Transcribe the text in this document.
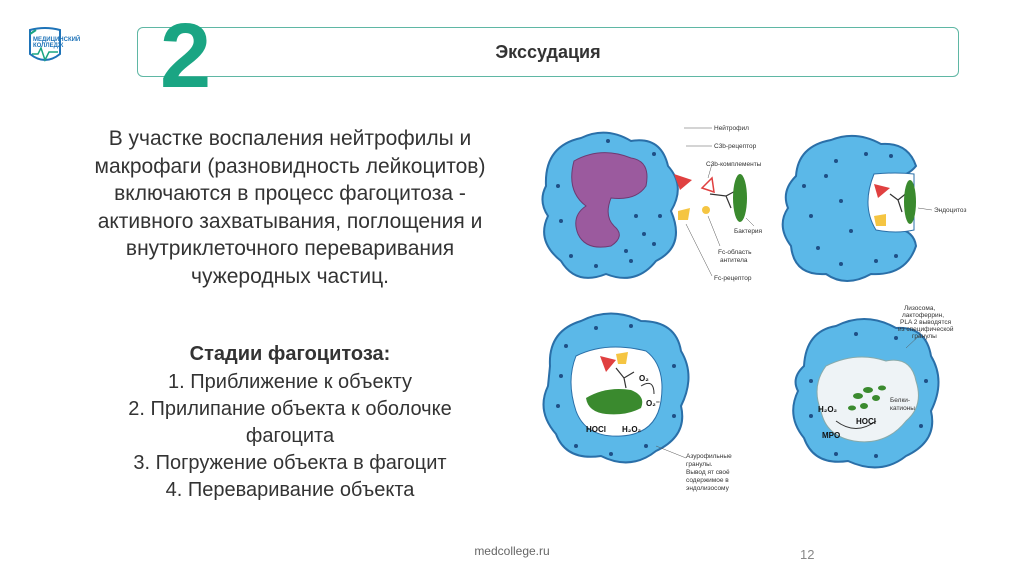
МЕДИЦИНСКИЙ
КОЛЛЕДЖ	Экссудация
2
В участке воспаления нейтрофилы и
макрофаги (разновидность лейкоцитов)
включаются в процесс фагоцитоза -
активного захватывания, поглощения и
внутриклеточного переваривания
чужеродных частиц.
Стадии фагоцитоза:
1. Приближение к объекту
2. Прилипание объекта к оболочке
фагоцита
3. Погружение объекта в фагоцит
4. Переваривание объекта
Нейтрофил
C3b-рецептор
C3b-комплементы
Бактерия
Fc-область
антитела
Fc-рецептор
Эндоцитоз
O₂
O₂⁻
HOCl H₂O₂
Азурофильные
гранулы.
Вывод ят своё
содержимое в
эндолизосому
H₂O₂
MPO
HOCl
Белки-
катионы
Лизосома,
лактоферрин,
PLA 2 выводятся
из специфической
гранулы
medcollege.ru	12
